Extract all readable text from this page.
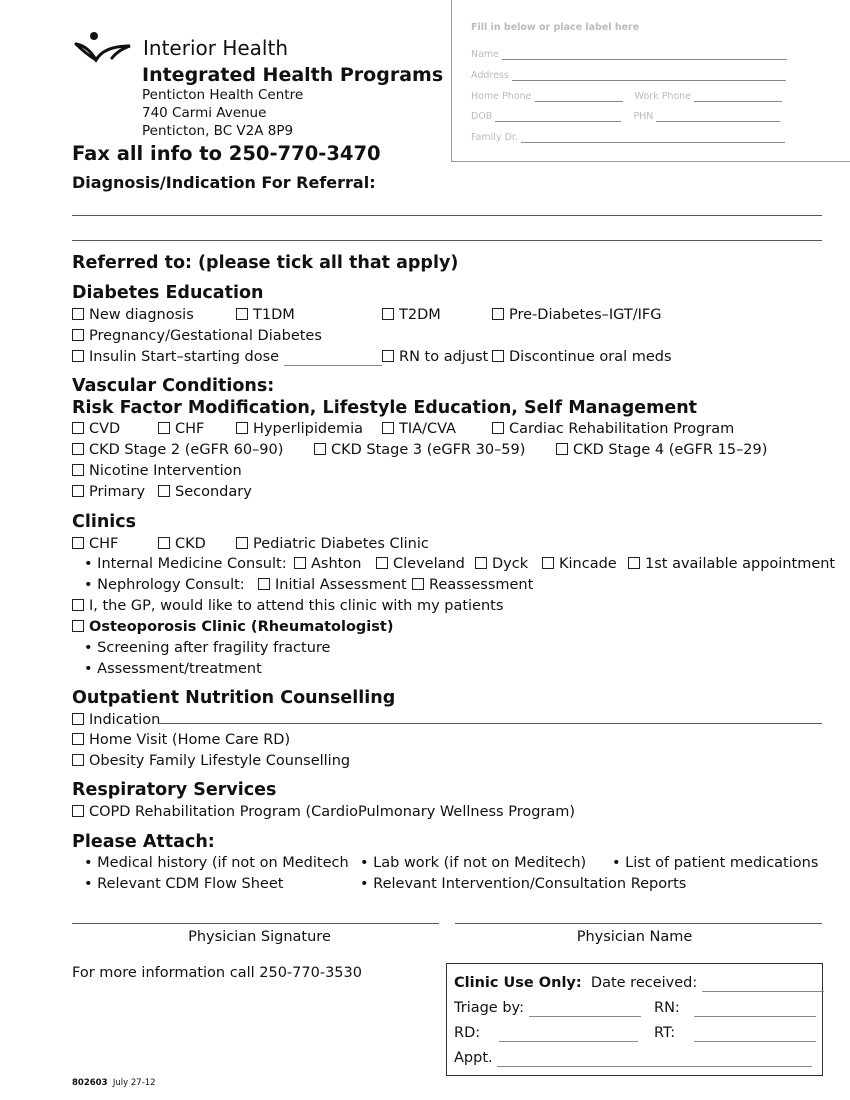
Interior Health
Integrated Health Programs
Penticton Health Centre
740 Carmi Avenue
Penticton, BC V2A 8P9
Fax all info to 250-770-3470
Diagnosis/Indication For Referral:
Fill in below or place label here
Name
Address
Home Phone	Work Phone
DOB	PHN
Family Dr.
Referred to: (please tick all that apply)
Diabetes Education
New diagnosis	T1DM	T2DM	Pre-Diabetes–IGT/IFG
Pregnancy/Gestational Diabetes
Insulin Start–starting dose	RN to adjust	Discontinue oral meds
Vascular Conditions:
Risk Factor Modification, Lifestyle Education, Self Management
CVD	CHF	Hyperlipidemia	TIA/CVA	Cardiac Rehabilitation Program
CKD Stage 2 (eGFR 60–90)	CKD Stage 3 (eGFR 30–59)	CKD Stage 4 (eGFR 15–29)
Nicotine Intervention
Primary	Secondary
Clinics
CHF	CKD	Pediatric Diabetes Clinic
• Internal Medicine Consult:	Ashton	Cleveland	Dyck	Kincade	1st available appointment
• Nephrology Consult:	Initial Assessment	Reassessment
I, the GP, would like to attend this clinic with my patients
Osteoporosis Clinic (Rheumatologist)
• Screening after fragility fracture
• Assessment/treatment
Outpatient Nutrition Counselling
Indication
Home Visit (Home Care RD)
Obesity Family Lifestyle Counselling
Respiratory Services
COPD Rehabilitation Program (CardioPulmonary Wellness Program)
Please Attach:
• Medical history (if not on Meditech	• Lab work (if not on Meditech)	• List of patient medications
• Relevant CDM Flow Sheet	• Relevant Intervention/Consultation Reports
Physician Signature	Physician Name
For more information call 250-770-3530
Clinic Use Only: Date received:
Triage by:	RN:
RD:	RT:
Appt.
802603 July 27-12
